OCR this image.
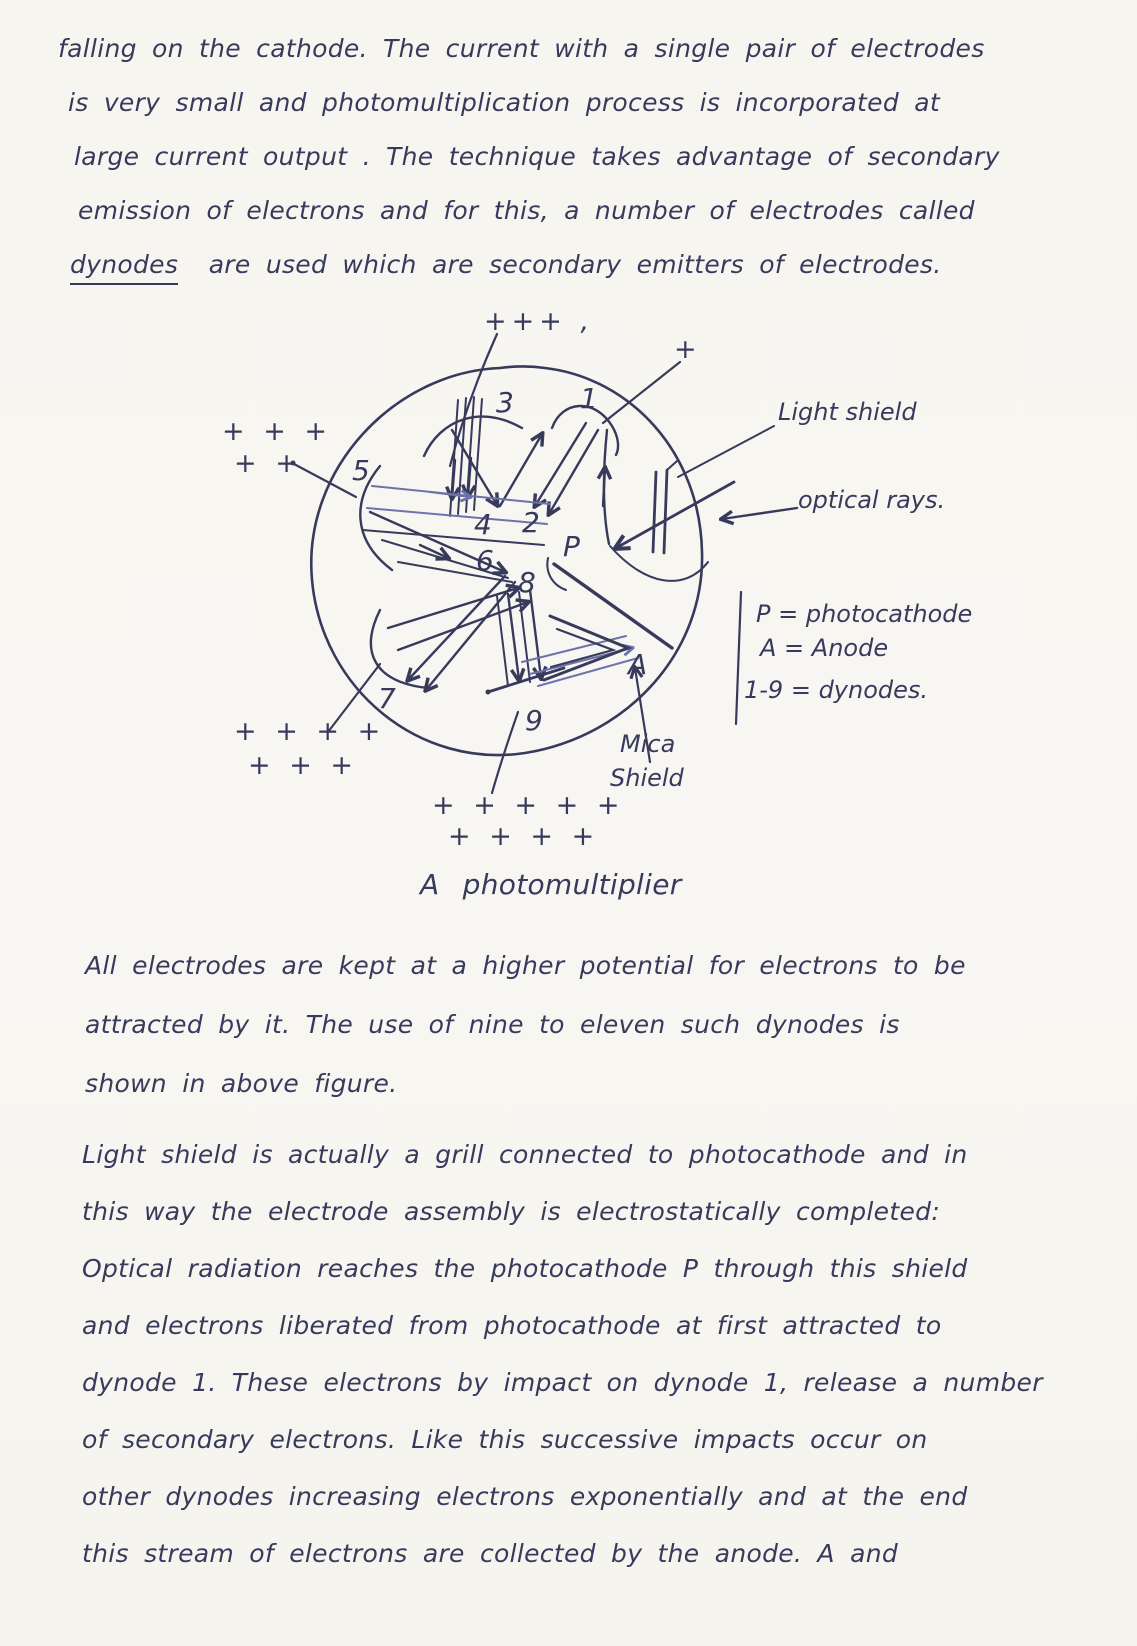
falling on the cathode. The current with a single pair of electrodes
is very small and photomultiplication process is incorporated at
large current output . The technique takes advantage of secondary
emission of electrons and for this, a number of electrodes called
dynodes are used which are secondary emitters of electrodes.
3 1
5
4 2
6
8
7
9
P
A
+++ ,
+
+ + +
+ +
+ + + +
+ + +
+ + + + +
+ + + +
Light shield
optical rays.
P = photocathode
A = Anode
1-9 = dynodes.
Mica
Shield
A photomultiplier
All electrodes are kept at a higher potential for electrons to be
attracted by it. The use of nine to eleven such dynodes is
shown in above figure.
Light shield is actually a grill connected to photocathode and in
this way the electrode assembly is electrostatically completed:
Optical radiation reaches the photocathode P through this shield
and electrons liberated from photocathode at first attracted to
dynode 1. These electrons by impact on dynode 1, release a number
of secondary electrons. Like this successive impacts occur on
other dynodes increasing electrons exponentially and at the end
this stream of electrons are collected by the anode. A and
